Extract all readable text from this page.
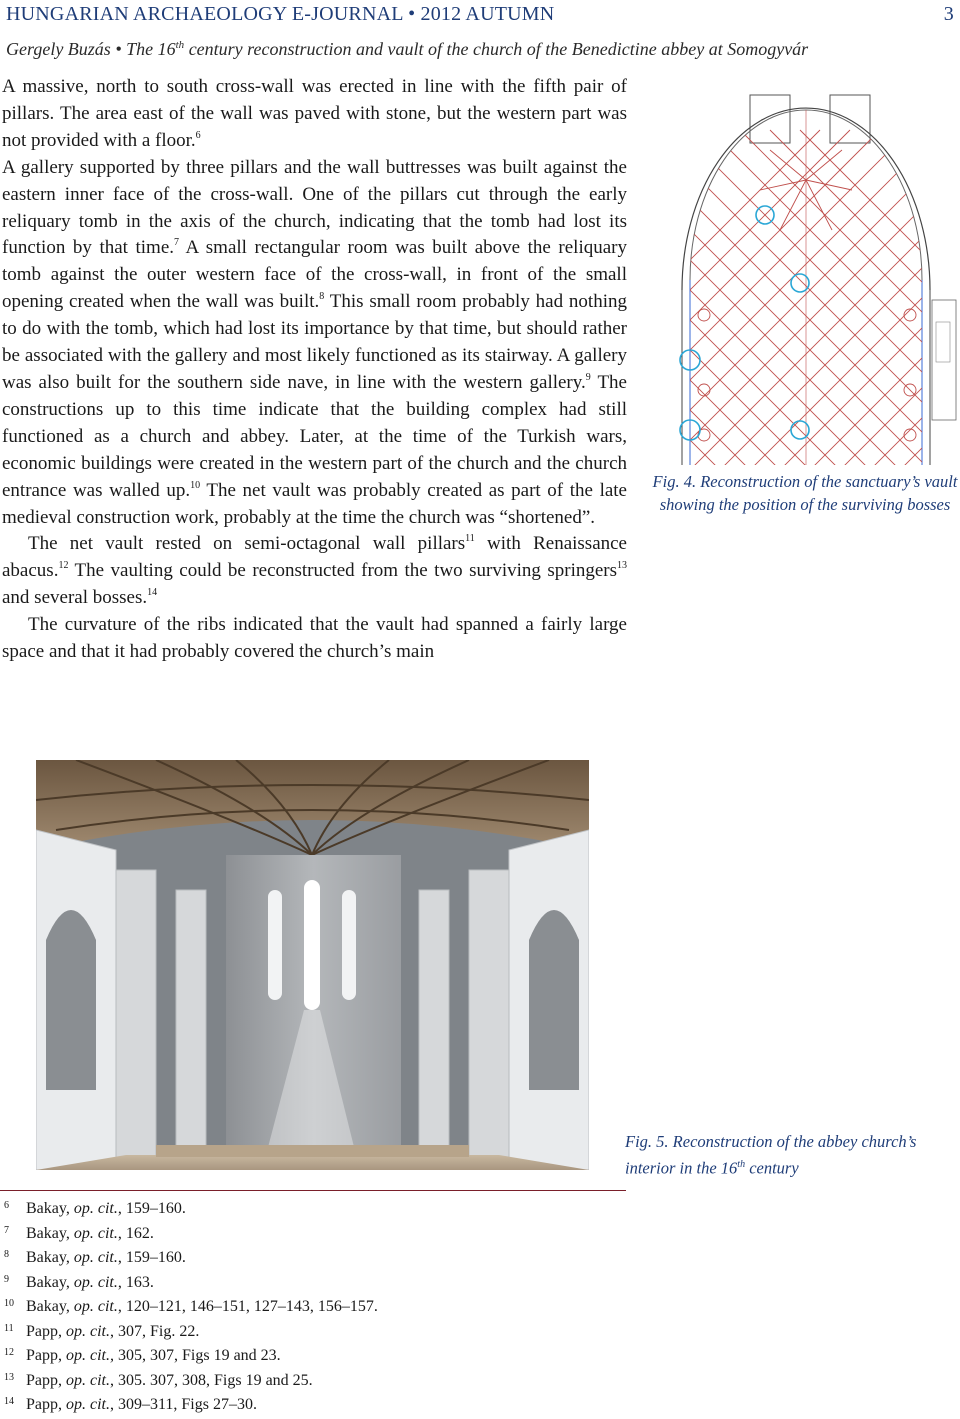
HUNGARIAN ARCHAEOLOGY E-JOURNAL • 2012 AUTUMN	3
Gergely Buzás • The 16th century reconstruction and vault of the church of the Benedictine abbey at Somogyvár

A massive, north to south cross-wall was erected in line with the fifth pair of pillars. The area east of the wall was paved with stone, but the western part was not provided with a floor.$^6$

A gallery supported by three pillars and the wall buttresses was built against the eastern inner face of the cross-wall. One of the pillars cut through the early reliquary tomb in the axis of the church, indicating that the tomb had lost its function by that time.$^7$ A small rectangular room was built above the reliquary tomb against the outer western face of the cross-wall, in front of the small opening created when the wall was built.$^8$ This small room probably had nothing to do with the tomb, which had lost its importance by that time, but should rather be associated with the gallery and most likely functioned as its stairway. A gallery was also built for the southern side nave, in line with the western gallery.$^9$ The constructions up to this time indicate that the building complex had still functioned as a church and abbey. Later, at the time of the Turkish wars, economic buildings were created in the western part of the church and the church entrance was walled up.$^{10}$ The net vault was probably created as part of the late medieval construction work, probably at the time the church was “shortened”.

The net vault rested on semi-octagonal wall pillars$^{11}$ with Renaissance abacus.$^{12}$ The vaulting could be reconstructed from the two surviving springers$^{13}$ and several bosses.$^{14}$

The curvature of the ribs indicated that the vault had spanned a fairly large space and that it had probably covered the church’s main

Fig. 4. Reconstruction of the sanctuary’s vault showing the position of the surviving bosses
Fig. 5. Reconstruction of the abbey church’s interior in the 16th century
6	Bakay, op. cit., 159–160.
7	Bakay, op. cit., 162.
8	Bakay, op. cit., 159–160.
9	Bakay, op. cit., 163.
10 Bakay, op. cit., 120–121, 146–151, 127–143, 156–157.
11 Papp, op. cit., 307, Fig. 22.
12 Papp, op. cit., 305, 307, Figs 19 and 23.
13 Papp, op. cit., 305. 307, 308, Figs 19 and 25.
14 Papp, op. cit., 309–311, Figs 27–30.
